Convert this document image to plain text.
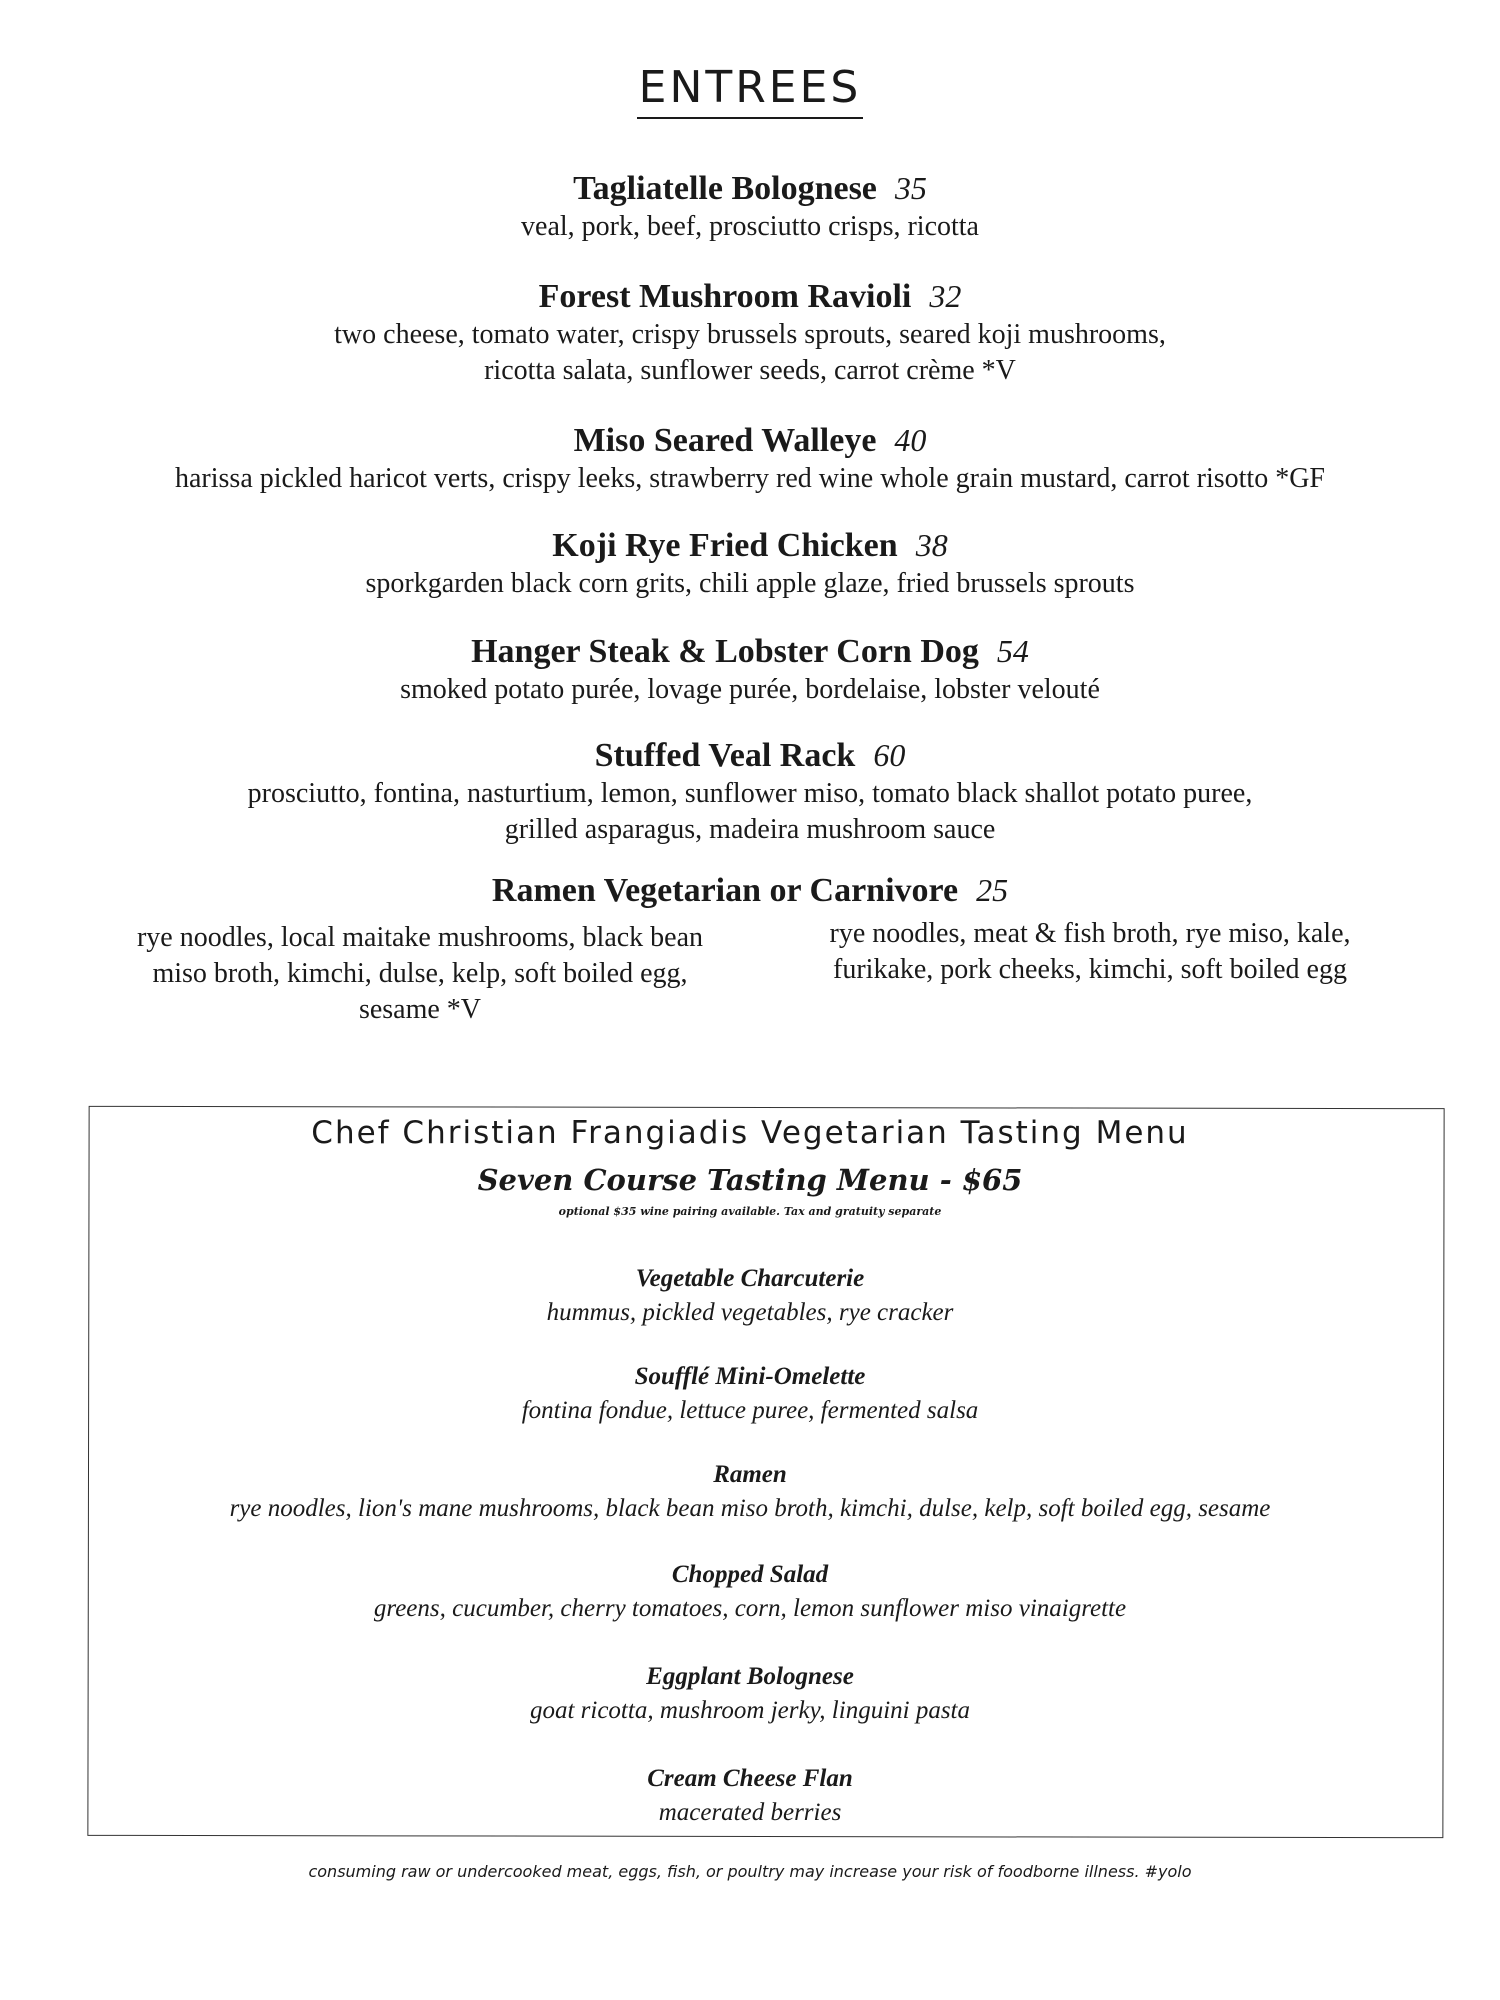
ENTREES
Tagliatelle Bolognese 35
veal, pork, beef, prosciutto crisps, ricotta
Forest Mushroom Ravioli 32
two cheese, tomato water, crispy brussels sprouts, seared koji mushrooms,
ricotta salata, sunflower seeds, carrot crème *V
Miso Seared Walleye 40
harissa pickled haricot verts, crispy leeks, strawberry red wine whole grain mustard, carrot risotto *GF
Koji Rye Fried Chicken 38
sporkgarden black corn grits, chili apple glaze, fried brussels sprouts
Hanger Steak & Lobster Corn Dog 54
smoked potato purée, lovage purée, bordelaise, lobster velouté
Stuffed Veal Rack 60
prosciutto, fontina, nasturtium, lemon, sunflower miso, tomato black shallot potato puree,
grilled asparagus, madeira mushroom sauce
Ramen Vegetarian or Carnivore 25
rye noodles, local maitake mushrooms, black bean
miso broth, kimchi, dulse, kelp, soft boiled egg,
sesame *V
rye noodles, meat & fish broth, rye miso, kale,
furikake, pork cheeks, kimchi, soft boiled egg
Chef Christian Frangiadis Vegetarian Tasting Menu
Seven Course Tasting Menu - $65
optional $35 wine pairing available. Tax and gratuity separate
Vegetable Charcuterie
hummus, pickled vegetables, rye cracker
Soufflé Mini-Omelette
fontina fondue, lettuce puree, fermented salsa
Ramen
rye noodles, lion's mane mushrooms, black bean miso broth, kimchi, dulse, kelp, soft boiled egg, sesame
Chopped Salad
greens, cucumber, cherry tomatoes, corn, lemon sunflower miso vinaigrette
Eggplant Bolognese
goat ricotta, mushroom jerky, linguini pasta
Cream Cheese Flan
macerated berries
consuming raw or undercooked meat, eggs, fish, or poultry may increase your risk of foodborne illness. #yolo
